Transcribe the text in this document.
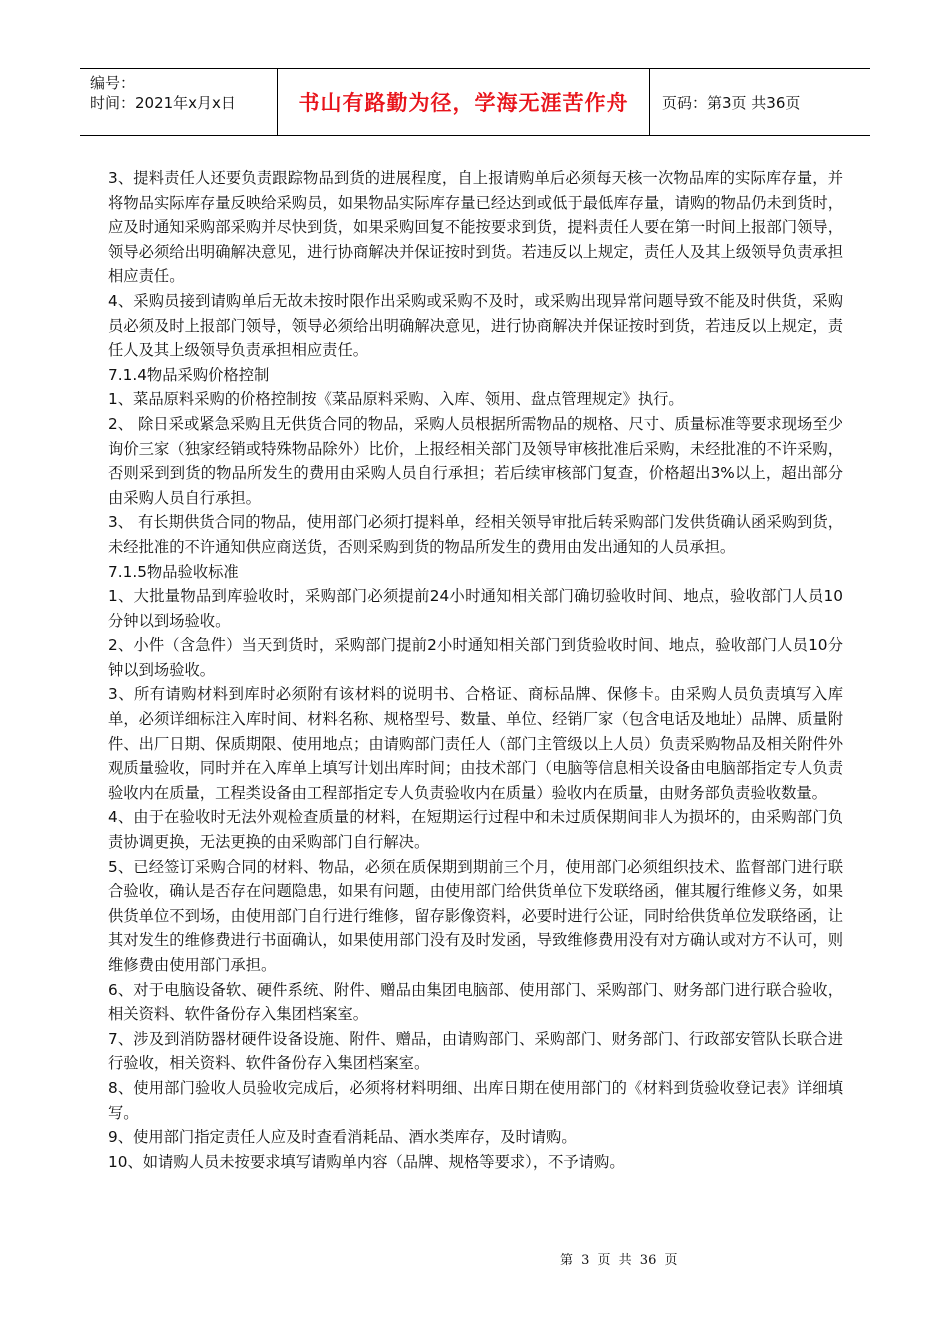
编号：
时间：2021年x月x日	书山有路勤为径，学海无涯苦作舟	页码：第3页 共36页

3、提料责任人还要负责跟踪物品到货的进展程度，自上报请购单后必须每天核一次物品库的实际库存量，并将物品实际库存量反映给采购员，如果物品实际库存量已经达到或低于最低库存量，请购的物品仍未到货时，应及时通知采购部采购并尽快到货，如果采购回复不能按要求到货，提料责任人要在第一时间上报部门领导，领导必须给出明确解决意见，进行协商解决并保证按时到货。若违反以上规定，责任人及其上级领导负责承担相应责任。

4、采购员接到请购单后无故未按时限作出采购或采购不及时，或采购出现异常问题导致不能及时供货，采购员必须及时上报部门领导，领导必须给出明确解决意见，进行协商解决并保证按时到货，若违反以上规定，责任人及其上级领导负责承担相应责任。

7.1.4物品采购价格控制

1、菜品原料采购的价格控制按《菜品原料采购、入库、领用、盘点管理规定》执行。

2、 除日采或紧急采购且无供货合同的物品，采购人员根据所需物品的规格、尺寸、质量标准等要求现场至少询价三家（独家经销或特殊物品除外）比价，上报经相关部门及领导审核批准后采购，未经批准的不许采购，否则采到到货的物品所发生的费用由采购人员自行承担；若后续审核部门复查，价格超出3%以上，超出部分由采购人员自行承担。

3、 有长期供货合同的物品，使用部门必须打提料单，经相关领导审批后转采购部门发供货确认函采购到货，未经批准的不许通知供应商送货，否则采购到货的物品所发生的费用由发出通知的人员承担。

7.1.5物品验收标准

1、大批量物品到库验收时，采购部门必须提前24小时通知相关部门确切验收时间、地点，验收部门人员10分钟以到场验收。

2、小件（含急件）当天到货时，采购部门提前2小时通知相关部门到货验收时间、地点，验收部门人员10分钟以到场验收。

3、所有请购材料到库时必须附有该材料的说明书、合格证、商标品牌、保修卡。由采购人员负责填写入库单，必须详细标注入库时间、材料名称、规格型号、数量、单位、经销厂家（包含电话及地址）品牌、质量附件、出厂日期、保质期限、使用地点；由请购部门责任人（部门主管级以上人员）负责采购物品及相关附件外观质量验收，同时并在入库单上填写计划出库时间；由技术部门（电脑等信息相关设备由电脑部指定专人负责验收内在质量，工程类设备由工程部指定专人负责验收内在质量）验收内在质量，由财务部负责验收数量。

4、由于在验收时无法外观检查质量的材料，在短期运行过程中和未过质保期间非人为损坏的，由采购部门负责协调更换，无法更换的由采购部门自行解决。

5、已经签订采购合同的材料、物品，必须在质保期到期前三个月，使用部门必须组织技术、监督部门进行联合验收，确认是否存在问题隐患，如果有问题，由使用部门给供货单位下发联络函，催其履行维修义务，如果供货单位不到场，由使用部门自行进行维修，留存影像资料，必要时进行公证，同时给供货单位发联络函，让其对发生的维修费进行书面确认，如果使用部门没有及时发函，导致维修费用没有对方确认或对方不认可，则维修费由使用部门承担。

6、对于电脑设备软、硬件系统、附件、赠品由集团电脑部、使用部门、采购部门、财务部门进行联合验收，相关资料、软件备份存入集团档案室。

7、涉及到消防器材硬件设备设施、附件、赠品，由请购部门、采购部门、财务部门、行政部安管队长联合进行验收，相关资料、软件备份存入集团档案室。

8、使用部门验收人员验收完成后，必须将材料明细、出库日期在使用部门的《材料到货验收登记表》详细填写。

9、使用部门指定责任人应及时查看消耗品、酒水类库存，及时请购。

10、如请购人员未按要求填写请购单内容（品牌、规格等要求），不予请购。

第 3 页 共 36 页
